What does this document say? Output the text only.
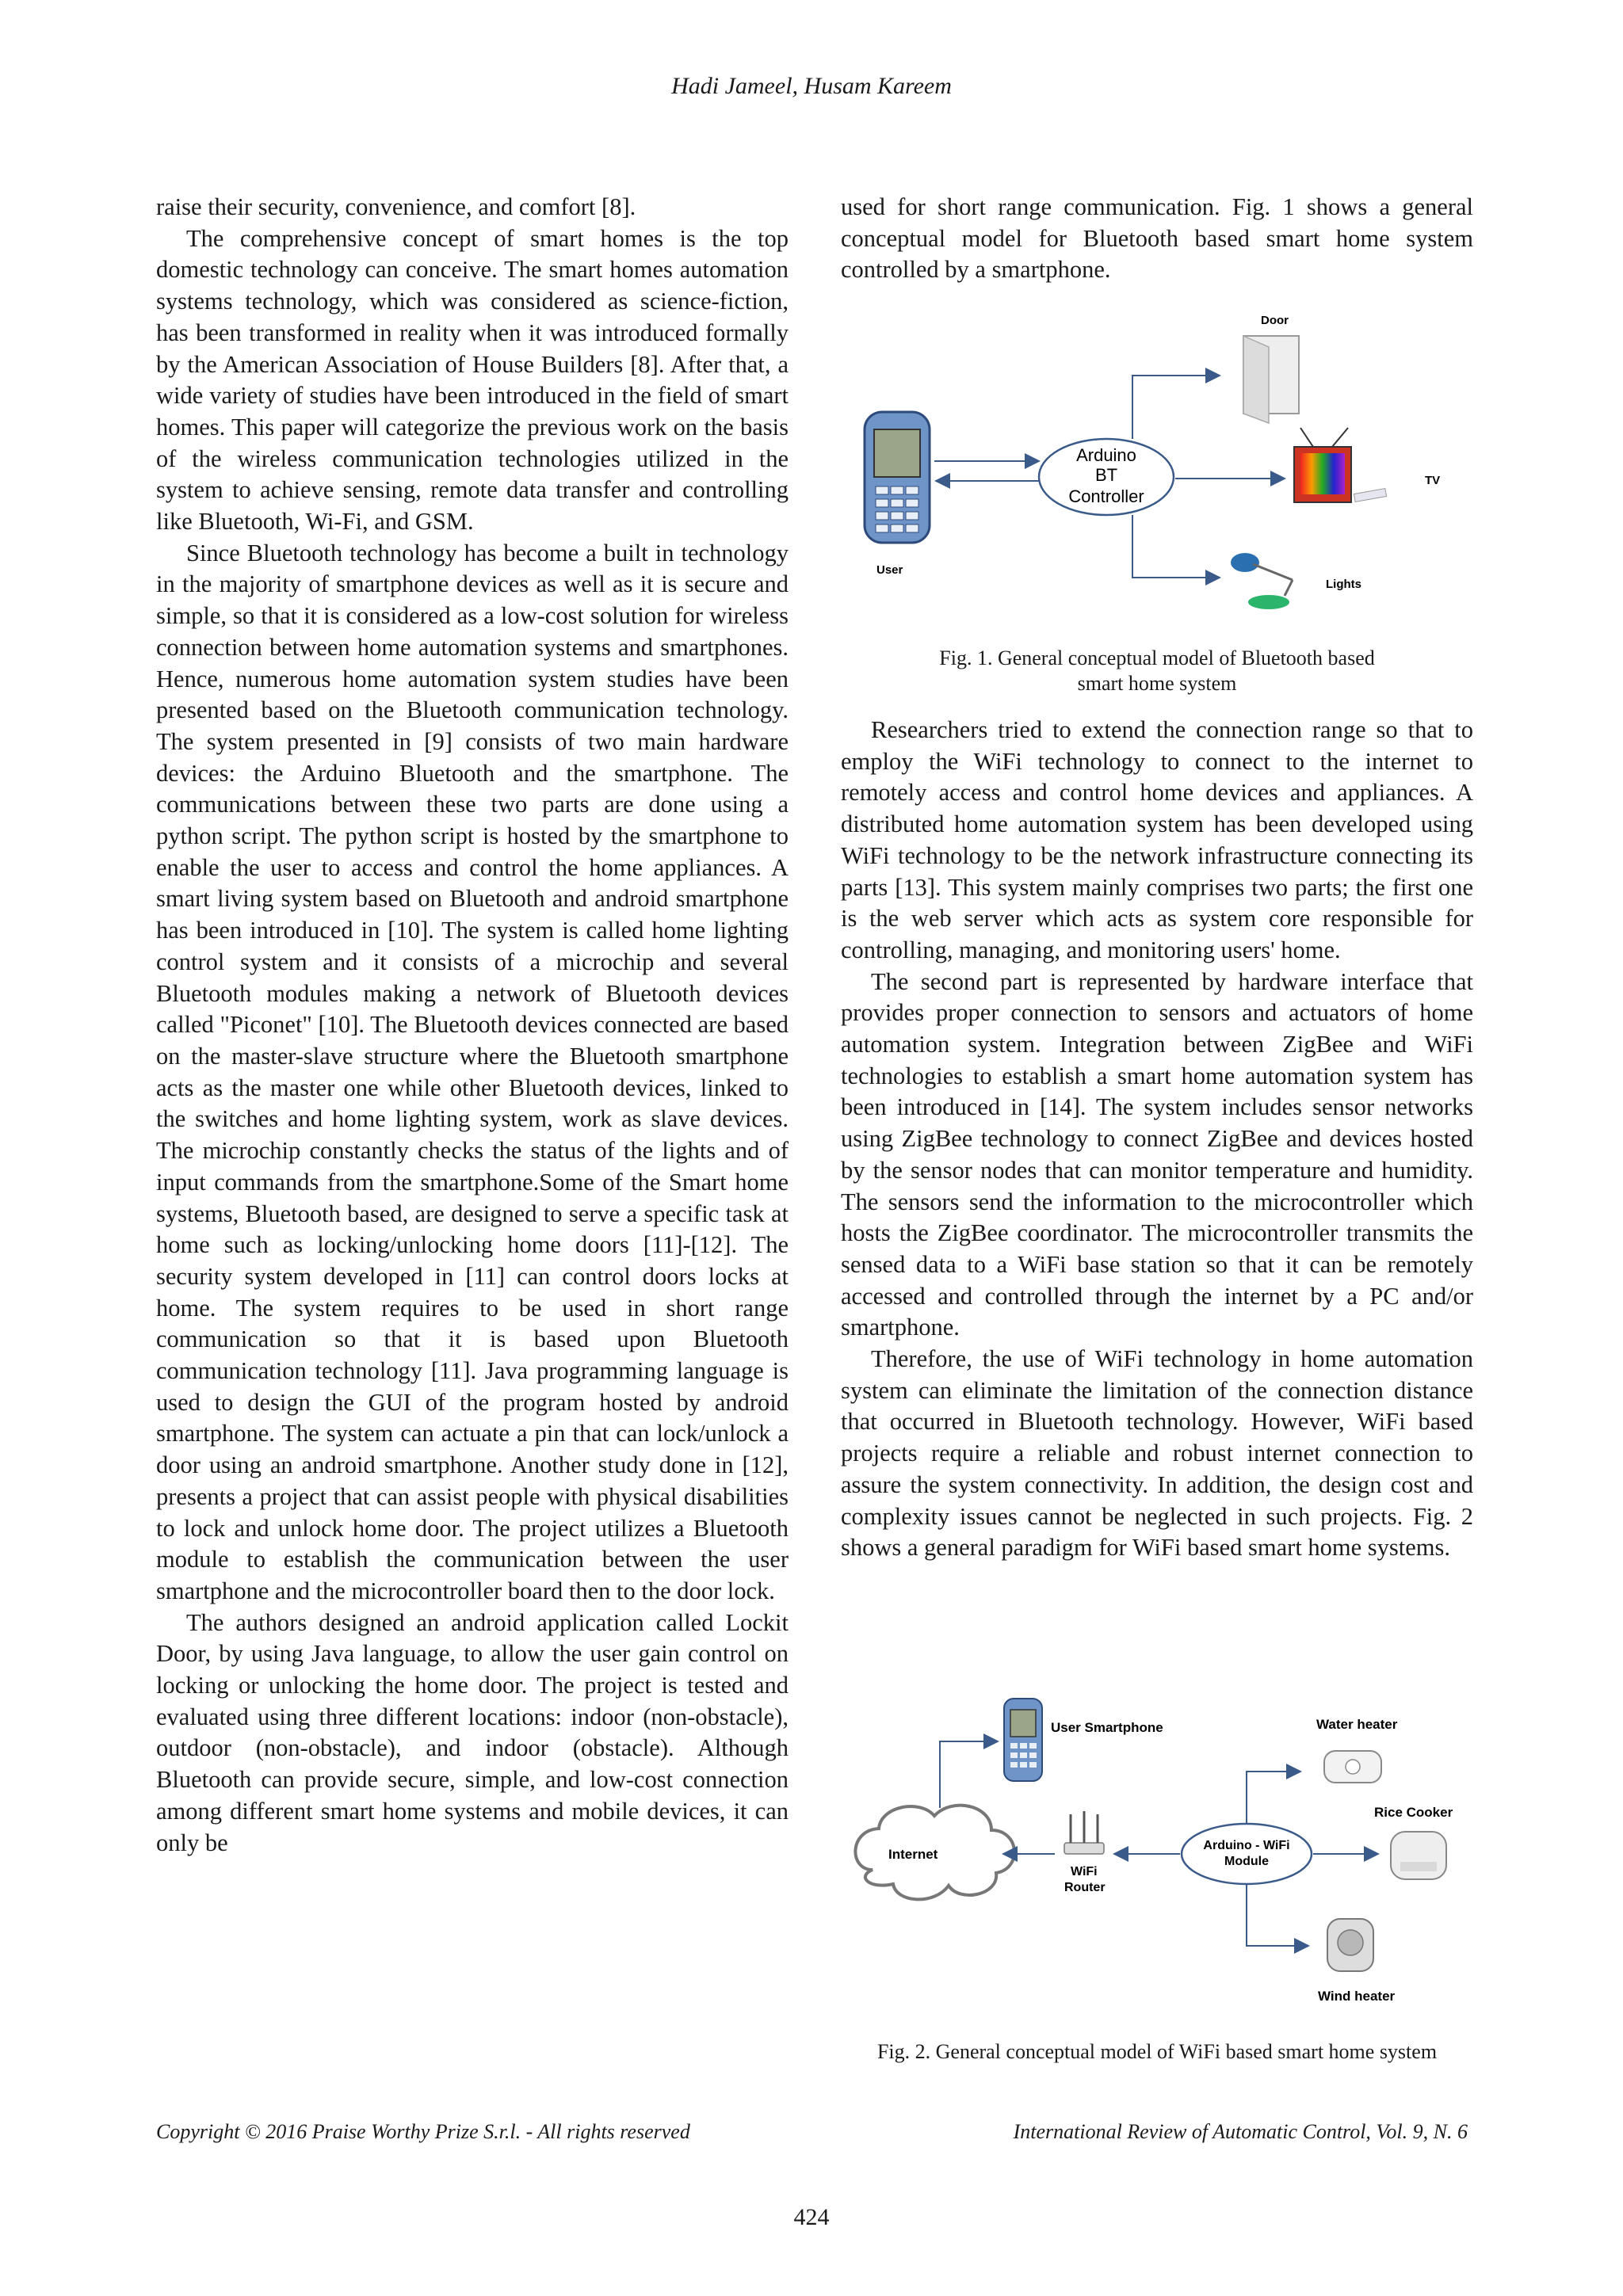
Hadi Jameel, Husam Kareem

raise their security, convenience, and comfort [8].

The comprehensive concept of smart homes is the top domestic technology can conceive. The smart homes automation systems technology, which was considered as science-fiction, has been transformed in reality when it was introduced formally by the American Association of House Builders [8]. After that, a wide variety of studies have been introduced in the field of smart homes. This paper will categorize the previous work on the basis of the wireless communication technologies utilized in the system to achieve sensing, remote data transfer and controlling like Bluetooth, Wi-Fi, and GSM.

Since Bluetooth technology has become a built in technology in the majority of smartphone devices as well as it is secure and simple, so that it is considered as a low-cost solution for wireless connection between home automation systems and smartphones. Hence, numerous home automation system studies have been presented based on the Bluetooth communication technology. The system presented in [9] consists of two main hardware devices: the Arduino Bluetooth and the smartphone. The communications between these two parts are done using a python script. The python script is hosted by the smartphone to enable the user to access and control the home appliances. A smart living system based on Bluetooth and android smartphone has been introduced in [10]. The system is called home lighting control system and it consists of a microchip and several Bluetooth modules making a network of Bluetooth devices called "Piconet" [10]. The Bluetooth devices connected are based on the master-slave structure where the Bluetooth smartphone acts as the master one while other Bluetooth devices, linked to the switches and home lighting system, work as slave devices. The microchip constantly checks the status of the lights and of input commands from the smartphone.Some of the Smart home systems, Bluetooth based, are designed to serve a specific task at home such as locking/unlocking home doors [11]-[12]. The security system developed in [11] can control doors locks at home. The system requires to be used in short range communication so that it is based upon Bluetooth communication technology [11]. Java programming language is used to design the GUI of the program hosted by android smartphone. The system can actuate a pin that can lock/unlock a door using an android smartphone. Another study done in [12], presents a project that can assist people with physical disabilities to lock and unlock home door. The project utilizes a Bluetooth module to establish the communication between the user smartphone and the microcontroller board then to the door lock.

The authors designed an android application called Lockit Door, by using Java language, to allow the user gain control on locking or unlocking the home door. The project is tested and evaluated using three different locations: indoor (non-obstacle), outdoor (non-obstacle), and indoor (obstacle). Although Bluetooth can provide secure, simple, and low-cost connection among different smart home systems and mobile devices, it can only be

used for short range communication. Fig. 1 shows a general conceptual model for Bluetooth based smart home system controlled by a smartphone.

User
Arduino
BT
Controller
Door
TV
Lights
Fig. 1. General conceptual model of Bluetooth based
smart home system

Researchers tried to extend the connection range so that to employ the WiFi technology to connect to the internet to remotely access and control home devices and appliances. A distributed home automation system has been developed using WiFi technology to be the network infrastructure connecting its parts [13]. This system mainly comprises two parts; the first one is the web server which acts as system core responsible for controlling, managing, and monitoring users' home.

The second part is represented by hardware interface that provides proper connection to sensors and actuators of home automation system. Integration between ZigBee and WiFi technologies to establish a smart home automation system has been introduced in [14]. The system includes sensor networks using ZigBee technology to connect ZigBee and devices hosted by the sensor nodes that can monitor temperature and humidity. The sensors send the information to the microcontroller which hosts the ZigBee coordinator. The microcontroller transmits the sensed data to a WiFi base station so that it can be remotely accessed and controlled through the internet by a PC and/or smartphone.

Therefore, the use of WiFi technology in home automation system can eliminate the limitation of the connection distance that occurred in Bluetooth technology. However, WiFi based projects require a reliable and robust internet connection to assure the system connectivity. In addition, the design cost and complexity issues cannot be neglected in such projects. Fig. 2 shows a general paradigm for WiFi based smart home systems.

User Smartphone
Internet
WiFi
Router
Arduino - WiFi
Module
Water heater
Rice Cooker
Wind heater
Fig. 2. General conceptual model of WiFi based smart home system
Copyright © 2016 Praise Worthy Prize S.r.l. - All rights reserved	International Review of Automatic Control, Vol. 9, N. 6
424
